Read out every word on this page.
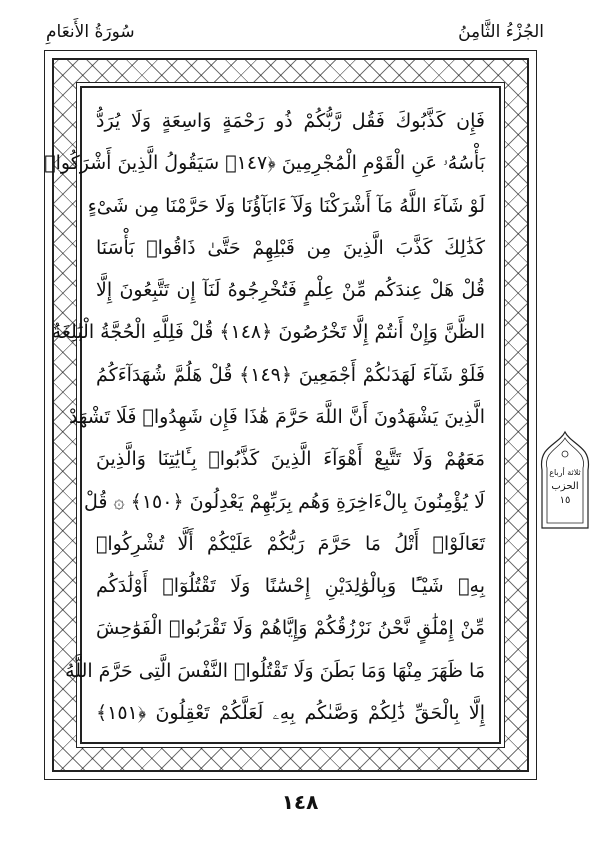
سُورَةُ الأَنعَامِ	الجُزْءُ الثَّامِنُ
فَإِن كَذَّبُوكَ فَقُل رَّبُّكُمْ ذُو رَحْمَةٍ وَاسِعَةٍ وَلَا يُرَدُّ
بَأْسُهُۥ عَنِ الْقَوْمِ الْمُجْرِمِينَ ﴿١٤٧﴾ سَيَقُولُ الَّذِينَ أَشْرَكُوا۟
لَوْ شَآءَ اللَّهُ مَآ أَشْرَكْنَا وَلَآ ءَابَآؤُنَا وَلَا حَرَّمْنَا مِن شَىْءٍ
كَذَٰلِكَ كَذَّبَ الَّذِينَ مِن قَبْلِهِمْ حَتَّىٰ ذَاقُوا۟ بَأْسَنَا
قُلْ هَلْ عِندَكُم مِّنْ عِلْمٍ فَتُخْرِجُوهُ لَنَآ إِن تَتَّبِعُونَ إِلَّا
الظَّنَّ وَإِنْ أَنتُمْ إِلَّا تَخْرُصُونَ ﴿١٤٨﴾ قُلْ فَلِلَّهِ الْحُجَّةُ الْبَٰلِغَةُ
فَلَوْ شَآءَ لَهَدَىٰكُمْ أَجْمَعِينَ ﴿١٤٩﴾ قُلْ هَلُمَّ شُهَدَآءَكُمُ
الَّذِينَ يَشْهَدُونَ أَنَّ اللَّهَ حَرَّمَ هَٰذَا فَإِن شَهِدُوا۟ فَلَا تَشْهَدْ
مَعَهُمْ وَلَا تَتَّبِعْ أَهْوَآءَ الَّذِينَ كَذَّبُوا۟ بِـَٔايَٰتِنَا وَالَّذِينَ
لَا يُؤْمِنُونَ بِالْءَاخِرَةِ وَهُم بِرَبِّهِمْ يَعْدِلُونَ ﴿١٥٠﴾ ۞ قُلْ
تَعَالَوْا۟ أَتْلُ مَا حَرَّمَ رَبُّكُمْ عَلَيْكُمْ أَلَّا تُشْرِكُوا۟
بِهِۦ شَيْـًٔا وَبِالْوَٰلِدَيْنِ إِحْسَٰنًا وَلَا تَقْتُلُوٓا۟ أَوْلَٰدَكُم
مِّنْ إِمْلَٰقٍ نَّحْنُ نَرْزُقُكُمْ وَإِيَّاهُمْ وَلَا تَقْرَبُوا۟ الْفَوَٰحِشَ
مَا ظَهَرَ مِنْهَا وَمَا بَطَنَ وَلَا تَقْتُلُوا۟ النَّفْسَ الَّتِى حَرَّمَ اللَّهُ
إِلَّا بِالْحَقِّ ذَٰلِكُمْ وَصَّىٰكُم بِهِۦ لَعَلَّكُمْ تَعْقِلُونَ ﴿١٥١﴾
ثلاثة أرباع
الحزب
١٥
١٤٨
